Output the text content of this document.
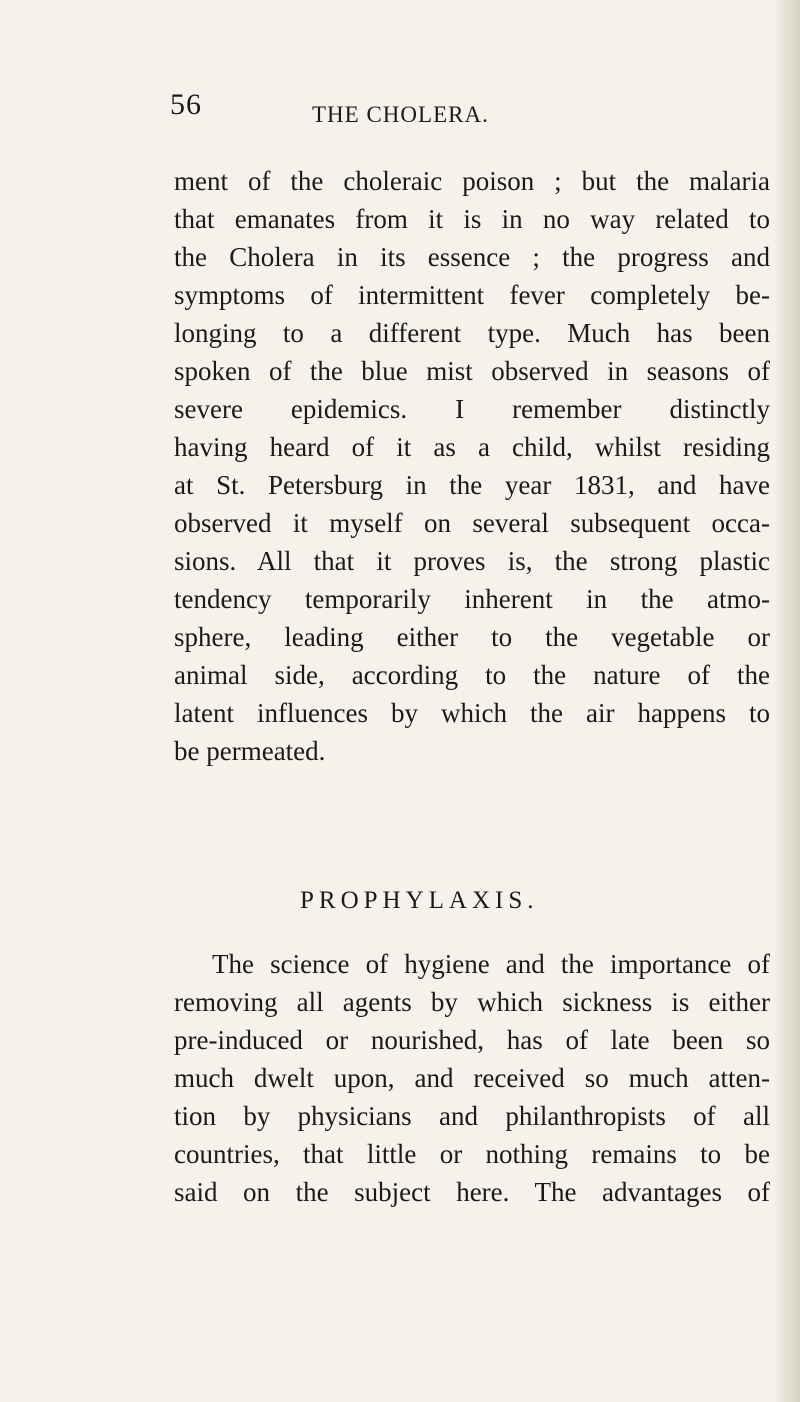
56	THE CHOLERA.
ment of the choleraic poison ; but the malaria
that emanates from it is in no way related to
the Cholera in its essence ; the progress and
symptoms of intermittent fever completely be-
longing to a different type. Much has been
spoken of the blue mist observed in seasons of
severe epidemics. I remember distinctly
having heard of it as a child, whilst residing
at St. Petersburg in the year 1831, and have
observed it myself on several subsequent occa-
sions. All that it proves is, the strong plastic
tendency temporarily inherent in the atmo-
sphere, leading either to the vegetable or
animal side, according to the nature of the
latent influences by which the air happens to
be permeated.
PROPHYLAXIS.
The science of hygiene and the importance of
removing all agents by which sickness is either
pre-induced or nourished, has of late been so
much dwelt upon, and received so much atten-
tion by physicians and philanthropists of all
countries, that little or nothing remains to be
said on the subject here. The advantages of
